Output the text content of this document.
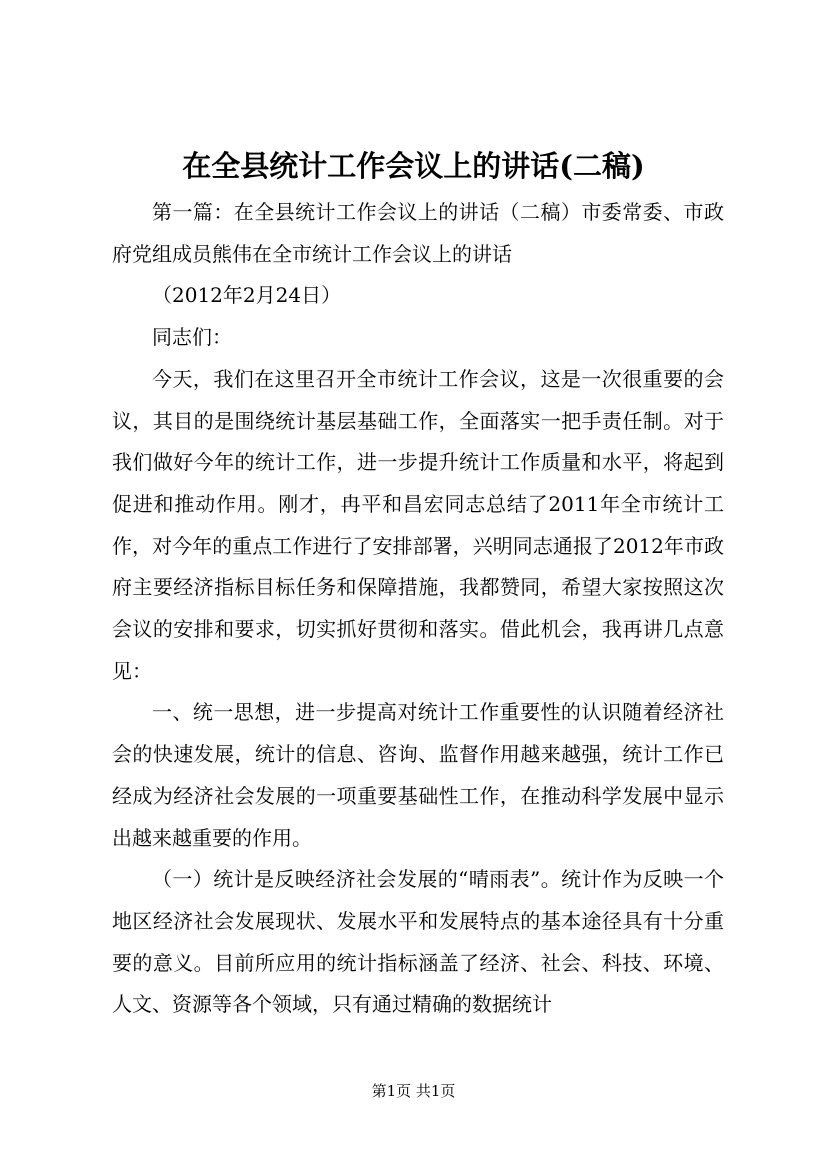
在全县统计工作会议上的讲话(二稿)

第一篇：在全县统计工作会议上的讲话（二稿）市委常委、市政府党组成员熊伟在全市统计工作会议上的讲话

（2012年2月24日）

同志们：

今天，我们在这里召开全市统计工作会议，这是一次很重要的会议，其目的是围绕统计基层基础工作，全面落实一把手责任制。对于我们做好今年的统计工作，进一步提升统计工作质量和水平，将起到促进和推动作用。刚才，冉平和昌宏同志总结了2011年全市统计工作，对今年的重点工作进行了安排部署，兴明同志通报了2012年市政府主要经济指标目标任务和保障措施，我都赞同，希望大家按照这次会议的安排和要求，切实抓好贯彻和落实。借此机会，我再讲几点意见：

一、统一思想，进一步提高对统计工作重要性的认识随着经济社会的快速发展，统计的信息、咨询、监督作用越来越强，统计工作已经成为经济社会发展的一项重要基础性工作，在推动科学发展中显示出越来越重要的作用。

（一）统计是反映经济社会发展的“晴雨表”。统计作为反映一个地区经济社会发展现状、发展水平和发展特点的基本途径具有十分重要的意义。目前所应用的统计指标涵盖了经济、社会、科技、环境、人文、资源等各个领域，只有通过精确的数据统计

第1页 共1页
